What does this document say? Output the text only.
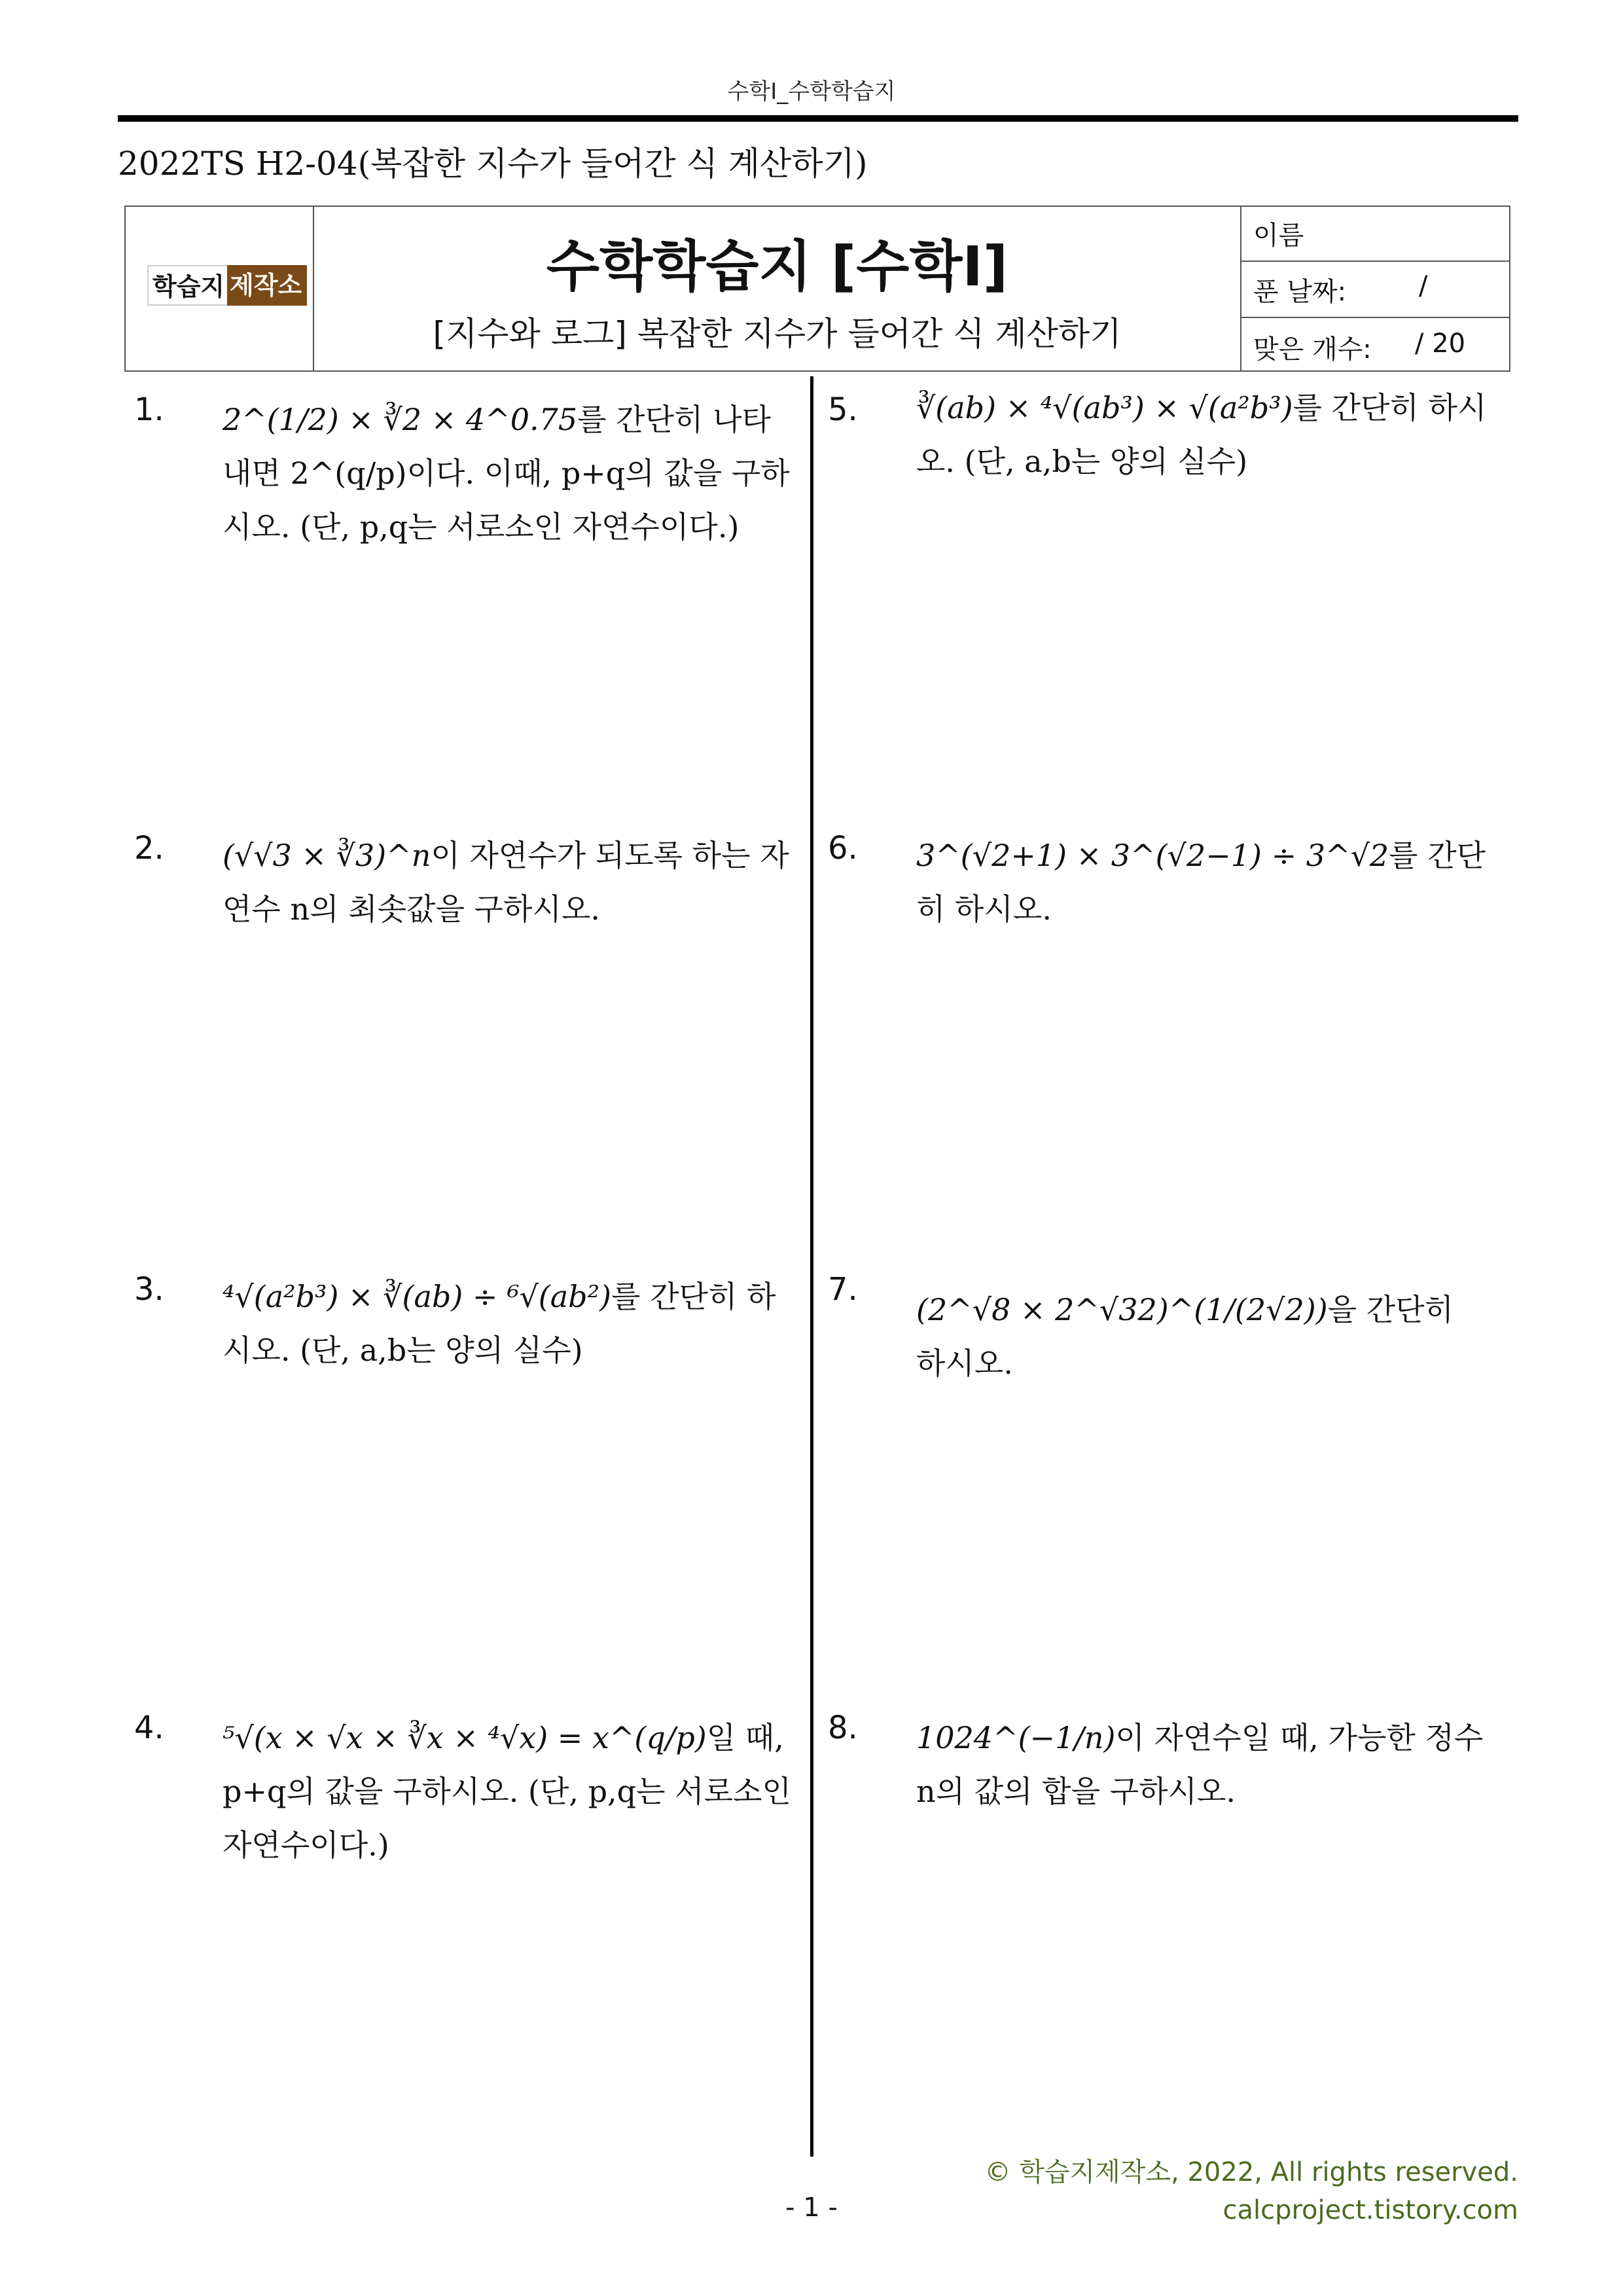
수학I_수학학습지
2022TS H2-04(복잡한 지수가 들어간 식 계산하기)
학습지 제작소	수학학습지 [수학I]
[지수와 로그] 복잡한 지수가 들어간 식 계산하기
이름
푼 날짜:	/
맞은 개수: / 20
1. 2^(1/2) × ∛2 × 4^0.75를 간단히 나타내면 2^(q/p)이다. 이때, p+q의 값을 구하시오. (단, p,q는 서로소인 자연수이다.)
2. (√√3 × ∛3)^n이 자연수가 되도록 하는 자연수 n의 최솟값을 구하시오.
3. ⁴√(a²b³) × ∛(ab) ÷ ⁶√(ab²)를 간단히 하시오. (단, a,b는 양의 실수)
4. ⁵√(x × √x × ∛x × ⁴√x) = x^(q/p)일 때, p+q의 값을 구하시오. (단, p,q는 서로소인 자연수이다.)
5. ∛(ab) × ⁴√(ab³) × √(a²b³)를 간단히 하시오. (단, a,b는 양의 실수)
6. 3^(√2+1) × 3^(√2−1) ÷ 3^√2를 간단히 하시오.
7.
(2^√8 × 2^√32)^(1/(2√2))을 간단히 하시오.
8. 1024^(−1/n)이 자연수일 때, 가능한 정수 n의 값의 합을 구하시오.
© 학습지제작소, 2022, All rights reserved.
calcproject.tistory.com
- 1 -
